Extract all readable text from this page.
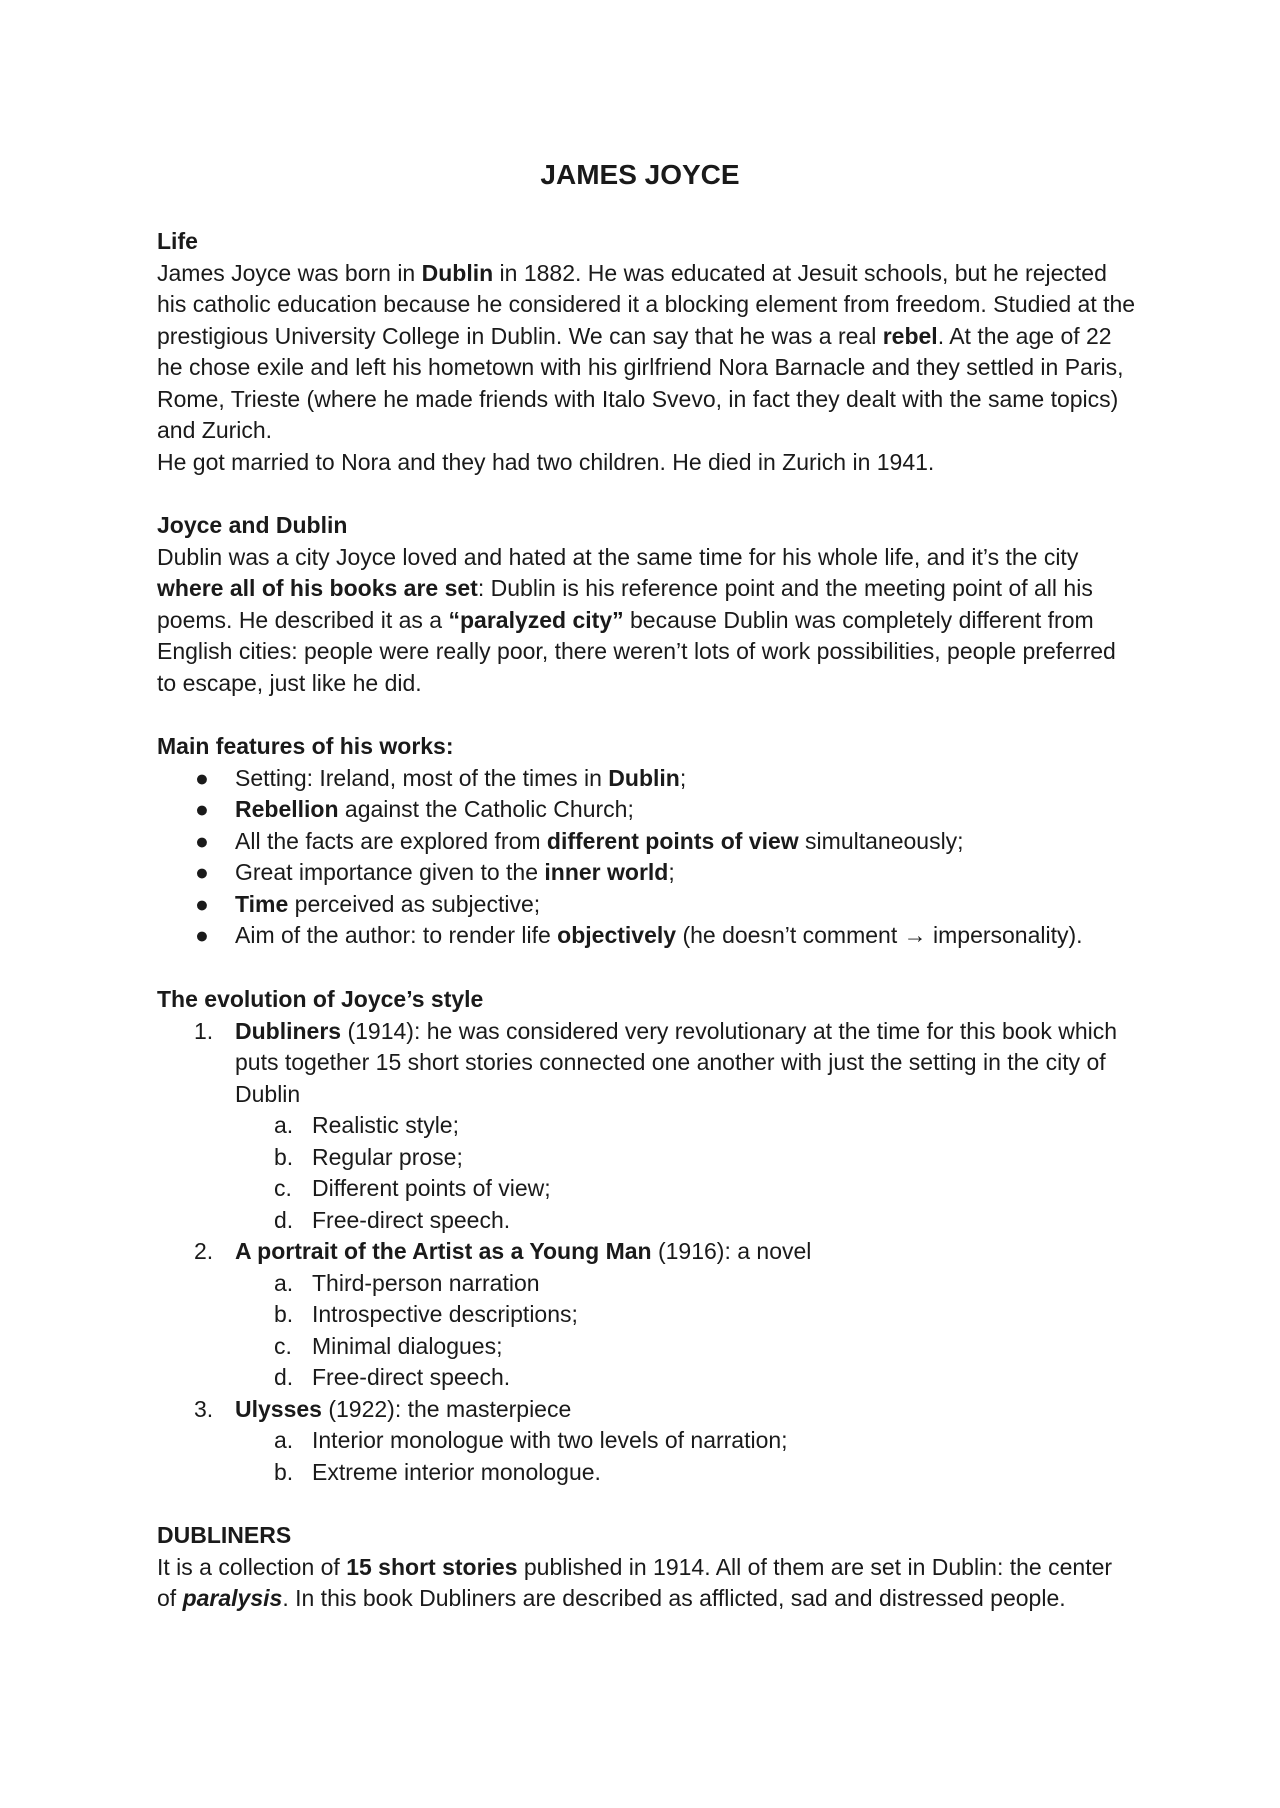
JAMES JOYCE

Life

James Joyce was born in Dublin in 1882. He was educated at Jesuit schools, but he rejected his catholic education because he considered it a blocking element from freedom. Studied at the prestigious University College in Dublin. We can say that he was a real rebel. At the age of 22 he chose exile and left his hometown with his girlfriend Nora Barnacle and they settled in Paris, Rome, Trieste (where he made friends with Italo Svevo, in fact they dealt with the same topics) and Zurich.

He got married to Nora and they had two children. He died in Zurich in 1941.

Joyce and Dublin

Dublin was a city Joyce loved and hated at the same time for his whole life, and it’s the city where all of his books are set: Dublin is his reference point and the meeting point of all his poems. He described it as a “paralyzed city” because Dublin was completely different from English cities: people were really poor, there weren’t lots of work possibilities, people preferred to escape, just like he did.

Main features of his works:

● Setting: Ireland, most of the times in Dublin;
● Rebellion against the Catholic Church;
● All the facts are explored from different points of view simultaneously;
● Great importance given to the inner world;
● Time perceived as subjective;
● Aim of the author: to render life objectively (he doesn’t comment → impersonality).

The evolution of Joyce’s style

1. Dubliners (1914): he was considered very revolutionary at the time for this book which puts together 15 short stories connected one another with just the setting in the city of Dublin
a. Realistic style;
b. Regular prose;
c. Different points of view;
d. Free-direct speech.
2. A portrait of the Artist as a Young Man (1916): a novel
a. Third-person narration
b. Introspective descriptions;
c. Minimal dialogues;
d. Free-direct speech.
3. Ulysses (1922): the masterpiece
a. Interior monologue with two levels of narration;
b. Extreme interior monologue.

DUBLINERS

It is a collection of 15 short stories published in 1914. All of them are set in Dublin: the center of paralysis. In this book Dubliners are described as afflicted, sad and distressed people.
